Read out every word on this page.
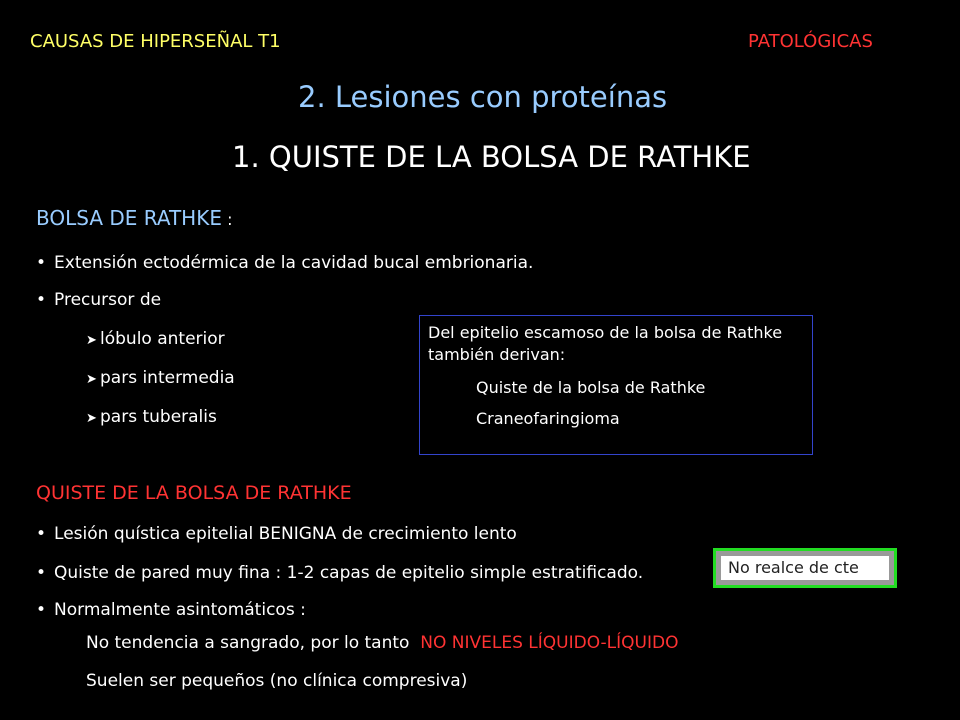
CAUSAS DE HIPERSEÑAL T1	PATOLÓGICAS
2. Lesiones con proteínas
1. QUISTE DE LA BOLSA DE RATHKE
BOLSA DE RATHKE :
• Extensión ectodérmica de la cavidad bucal embrionaria.
• Precursor de
➤ lóbulo anterior
➤ pars intermedia
➤ pars tuberalis
Del epitelio escamoso de la bolsa de Rathke también derivan:
Quiste de la bolsa de Rathke
Craneofaringioma
QUISTE DE LA BOLSA DE RATHKE
• Lesión quística epitelial BENIGNA de crecimiento lento
• Quiste de pared muy fina : 1-2 capas de epitelio simple estratificado.
• Normalmente asintomáticos :
No tendencia a sangrado, por lo tanto NO NIVELES LÍQUIDO-LÍQUIDO
Suelen ser pequeños (no clínica compresiva)
No realce de cte
